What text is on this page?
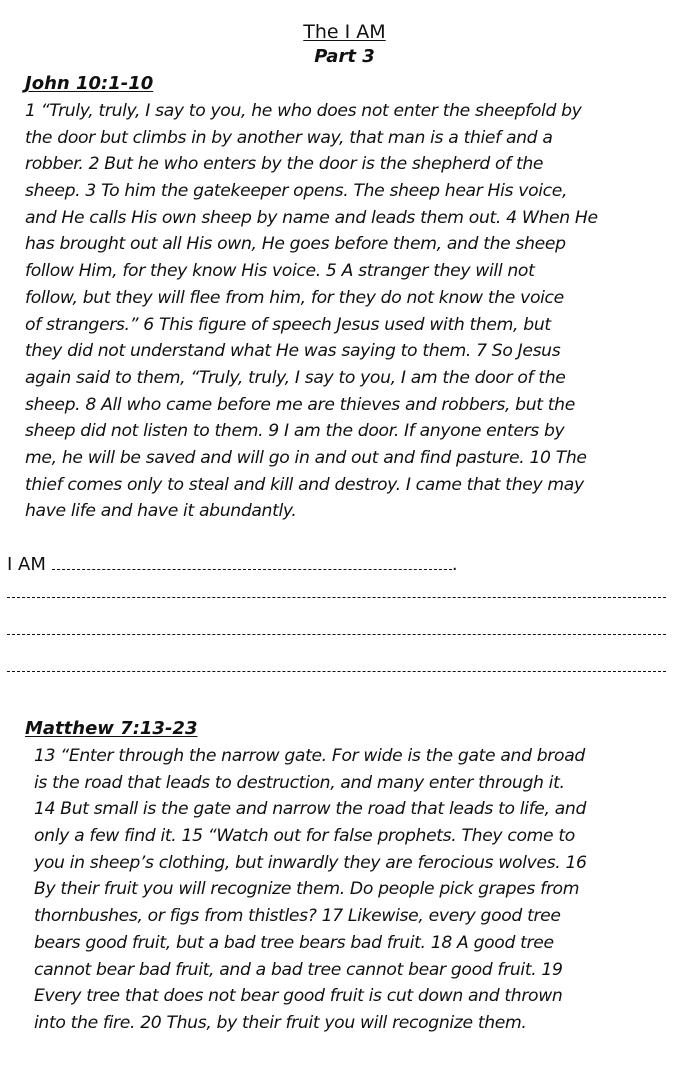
The I AM
Part 3
John 10:1-10
1 “Truly, truly, I say to you, he who does not enter the sheepfold by
the door but climbs in by another way, that man is a thief and a
robber. 2 But he who enters by the door is the shepherd of the
sheep. 3 To him the gatekeeper opens. The sheep hear His voice,
and He calls His own sheep by name and leads them out. 4 When He
has brought out all His own, He goes before them, and the sheep
follow Him, for they know His voice. 5 A stranger they will not
follow, but they will flee from him, for they do not know the voice
of strangers.” 6 This figure of speech Jesus used with them, but
they did not understand what He was saying to them. 7 So Jesus
again said to them, “Truly, truly, I say to you, I am the door of the
sheep. 8 All who came before me are thieves and robbers, but the
sheep did not listen to them. 9 I am the door. If anyone enters by
me, he will be saved and will go in and out and find pasture. 10 The
thief comes only to steal and kill and destroy. I came that they may
have life and have it abundantly.
I AM	.
Matthew 7:13-23
13 “Enter through the narrow gate. For wide is the gate and broad
is the road that leads to destruction, and many enter through it.
14 But small is the gate and narrow the road that leads to life, and
only a few find it. 15 “Watch out for false prophets. They come to
you in sheep’s clothing, but inwardly they are ferocious wolves. 16
By their fruit you will recognize them. Do people pick grapes from
thornbushes, or figs from thistles? 17 Likewise, every good tree
bears good fruit, but a bad tree bears bad fruit. 18 A good tree
cannot bear bad fruit, and a bad tree cannot bear good fruit. 19
Every tree that does not bear good fruit is cut down and thrown
into the fire. 20 Thus, by their fruit you will recognize them.
